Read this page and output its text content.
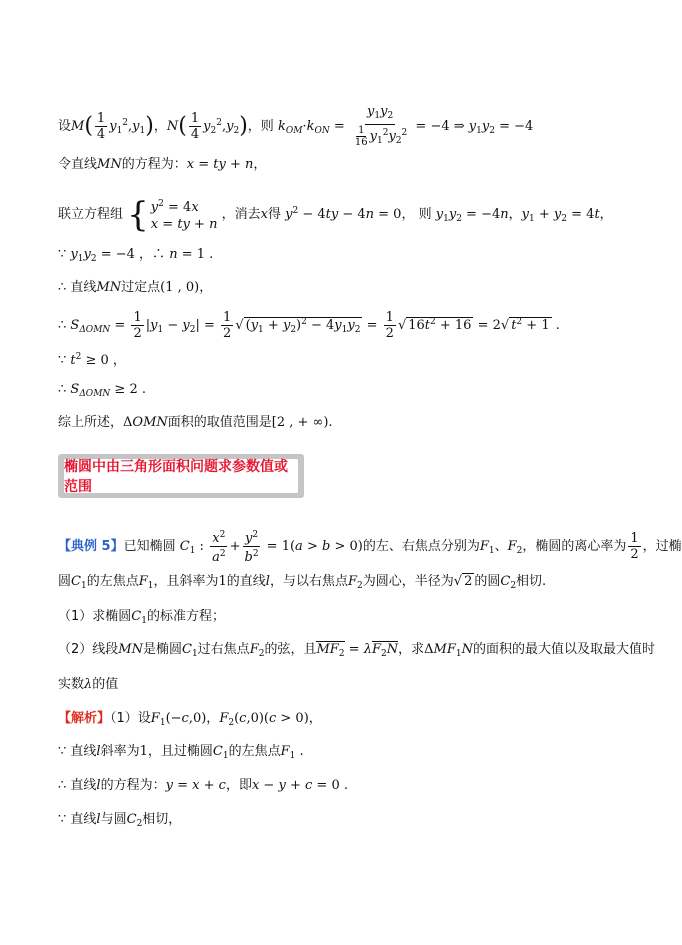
设$M( \frac{1}{4} y_1^2,y_1)$，$N( \frac{1}{4} y_2^2,y_2)$，则 $k_{OM}\cdot k_{ON} = \frac{y_1y_2}{\frac{1}{16} y_1^2y_2^2} = -4$ ⇒ $y_1y_2 = -4$
令直线MN的方程为：x = ty + n，
联立方程组 { $y^2 = 4x$
x = ty + n
，消去x得 $y^2 - 4ty - 4n = 0$， 则 $y_1y_2 = -4n$，$y_1 + y_2 = 4t$，
∵ $y_1y_2 = -4$ ，∴ n = 1 .
∴ 直线MN过定点(1 , 0)，
∴ $S_{\Delta OMN} = \frac{1}{2} |y_1 - y_2| = \frac{1}{2}$ √ $(y_1 + y_2)^2 - 4y_1y_2 = \frac{1}{2}$ √ $16t^2 + 16 = 2√$ $t^2 + 1$ .
∵ $t^2 \ge 0$ ，
∴ $S_{\Delta OMN} \ge 2$ .
综上所述，ΔOMN面积的取值范围是[2 , + ∞).
椭圆中由三角形面积问题求参数值或范围
【典例 5】已知椭圆 $C_1$ : $\frac{x^2}{a^2} + \frac{y^2}{b^2} = 1(a > b > 0)$的左、右焦点分别为$F_1$、$F_2$，椭圆的离心率为 $\frac{1}{2}$ ，过椭
圆$C_1$的左焦点$F_1$，且斜率为1的直线l，与以右焦点$F_2$为圆心，半径为√ 2 的圆$C_2$相切.
（1）求椭圆$C_1$的标准方程；
（2）线段MN是椭圆$C_1$过右焦点$F_2$的弦，且$MF_2 = \lambda F_2N$，求$\Delta MF_1N$的面积的最大值以及取最大值时
实数λ的值
【解析】（1）设$F_1(-c,0)$，$F_2(c,0)(c > 0)$，
∵ 直线l斜率为1，且过椭圆$C_1$的左焦点$F_1$ .
∴ 直线l的方程为：y = x + c，即x − y + c = 0 .
∵ 直线l与圆$C_2$相切，
